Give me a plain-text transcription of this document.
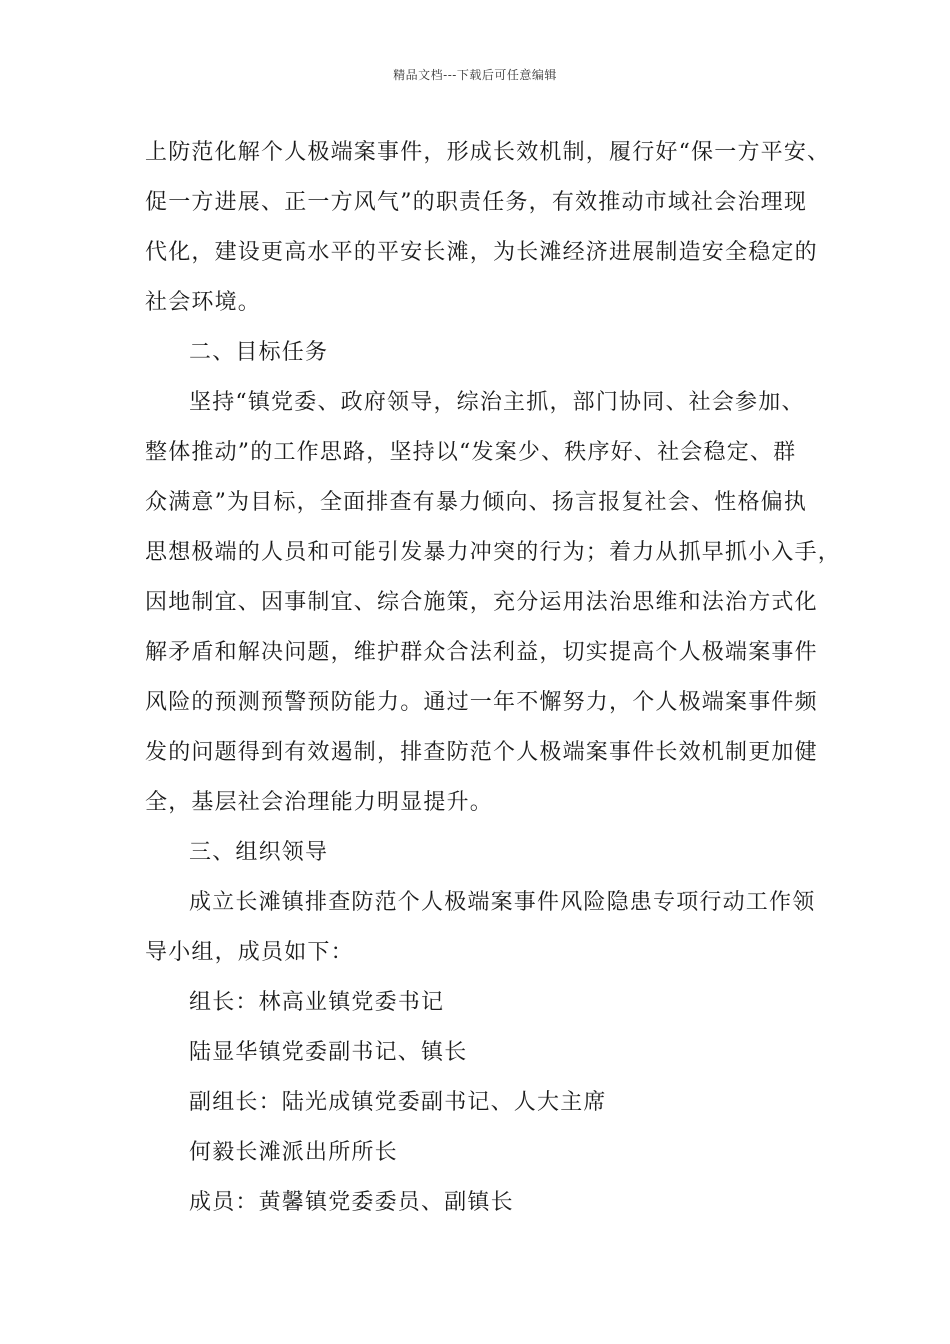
精品文档---下载后可任意编辑
上防范化解个人极端案事件，形成长效机制，履行好“保一方平安、
促一方进展、正一方风气”的职责任务，有效推动市域社会治理现
代化，建设更高水平的平安长滩，为长滩经济进展制造安全稳定的
社会环境。
二、目标任务
坚持“镇党委、政府领导，综治主抓，部门协同、社会参加、
整体推动”的工作思路，坚持以“发案少、秩序好、社会稳定、群
众满意”为目标，全面排查有暴力倾向、扬言报复社会、性格偏执
思想极端的人员和可能引发暴力冲突的行为；着力从抓早抓小入手，
因地制宜、因事制宜、综合施策，充分运用法治思维和法治方式化
解矛盾和解决问题，维护群众合法利益，切实提高个人极端案事件
风险的预测预警预防能力。通过一年不懈努力，个人极端案事件频
发的问题得到有效遏制，排查防范个人极端案事件长效机制更加健
全，基层社会治理能力明显提升。
三、组织领导
成立长滩镇排查防范个人极端案事件风险隐患专项行动工作领
导小组，成员如下：
组长：林高业镇党委书记
陆显华镇党委副书记、镇长
副组长：陆光成镇党委副书记、人大主席
何毅长滩派出所所长
成员：黄馨镇党委委员、副镇长
